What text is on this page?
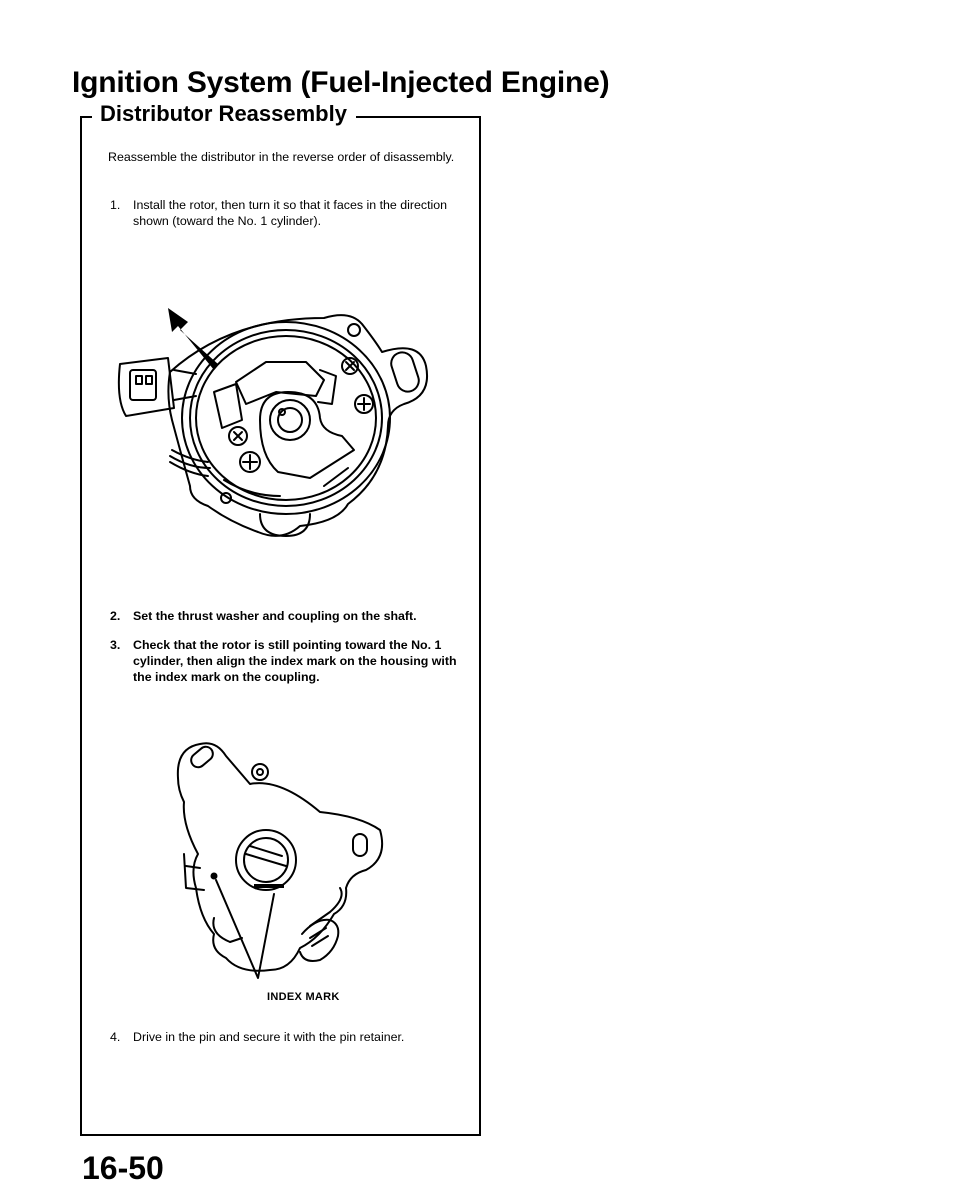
Ignition System (Fuel-Injected Engine)
Distributor Reassembly

Reassemble the distributor in the reverse order of disassembly.

1.	Install the rotor, then turn it so that it faces in the direction shown (toward the No. 1 cylinder).
2.	Set the thrust washer and coupling on the shaft.
3.	Check that the rotor is still pointing toward the No. 1 cylinder, then align the index mark on the housing with the index mark on the coupling.
INDEX MARK
4.	Drive in the pin and secure it with the pin retainer.
16-50
